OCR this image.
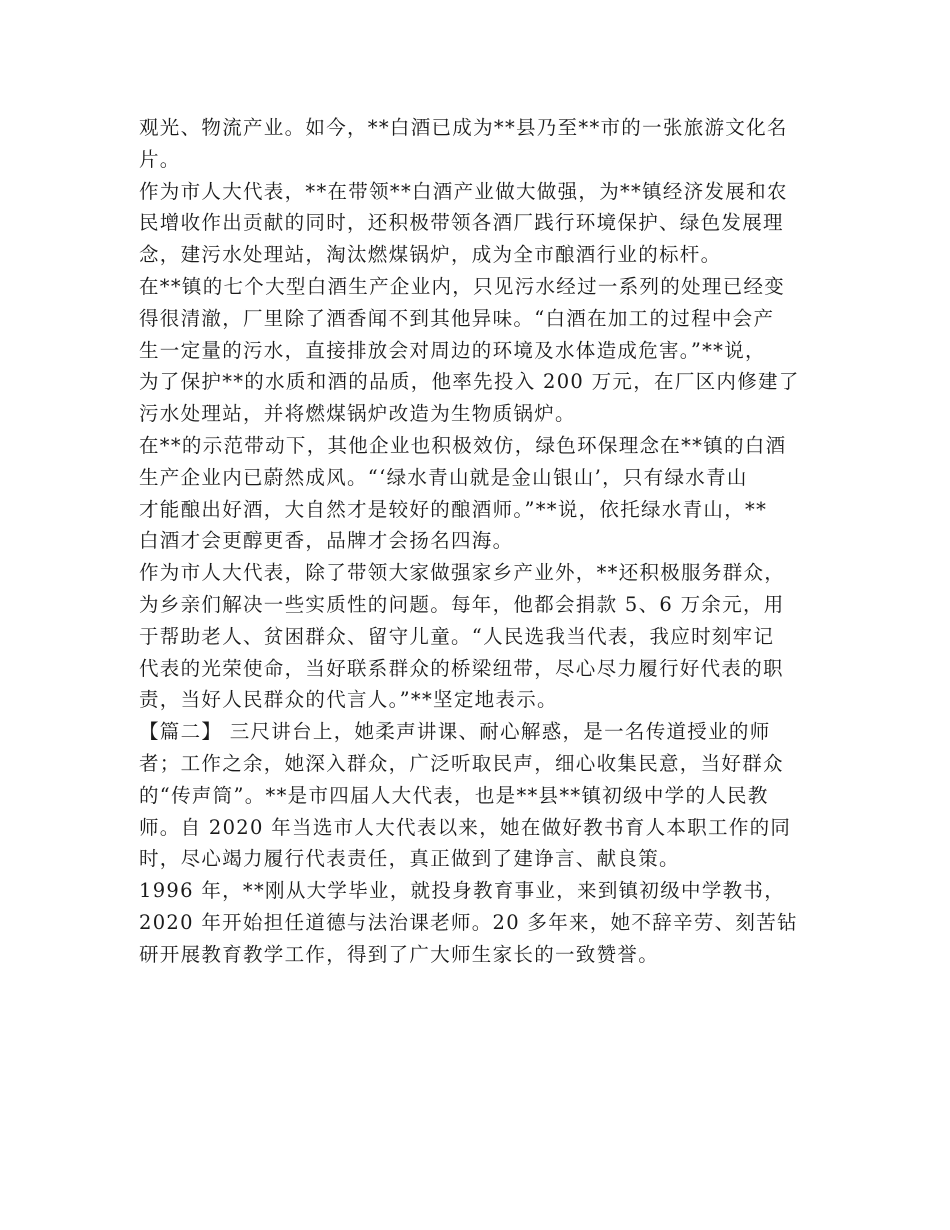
观光、物流产业。如今，**白酒已成为**县乃至**市的一张旅游文化名
片。
作为市人大代表，**在带领**白酒产业做大做强，为**镇经济发展和农
民增收作出贡献的同时，还积极带领各酒厂践行环境保护、绿色发展理
念，建污水处理站，淘汰燃煤锅炉，成为全市酿酒行业的标杆。
在**镇的七个大型白酒生产企业内，只见污水经过一系列的处理已经变
得很清澈，厂里除了酒香闻不到其他异味。“白酒在加工的过程中会产
生一定量的污水，直接排放会对周边的环境及水体造成危害。”**说，
为了保护**的水质和酒的品质，他率先投入 200 万元，在厂区内修建了
污水处理站，并将燃煤锅炉改造为生物质锅炉。
在**的示范带动下，其他企业也积极效仿，绿色环保理念在**镇的白酒
生产企业内已蔚然成风。“‘绿水青山就是金山银山’，只有绿水青山
才能酿出好酒，大自然才是较好的酿酒师。”**说，依托绿水青山，**
白酒才会更醇更香，品牌才会扬名四海。
作为市人大代表，除了带领大家做强家乡产业外，**还积极服务群众，
为乡亲们解决一些实质性的问题。每年，他都会捐款 5、6 万余元，用
于帮助老人、贫困群众、留守儿童。“人民选我当代表，我应时刻牢记
代表的光荣使命，当好联系群众的桥梁纽带，尽心尽力履行好代表的职
责，当好人民群众的代言人。”**坚定地表示。
【篇二】 三尺讲台上，她柔声讲课、耐心解惑，是一名传道授业的师
者；工作之余，她深入群众，广泛听取民声，细心收集民意，当好群众
的“传声筒”。**是市四届人大代表，也是**县**镇初级中学的人民教
师。自 2020 年当选市人大代表以来，她在做好教书育人本职工作的同
时，尽心竭力履行代表责任，真正做到了建诤言、献良策。
1996 年，**刚从大学毕业，就投身教育事业，来到镇初级中学教书，
2020 年开始担任道德与法治课老师。20 多年来，她不辞辛劳、刻苦钻
研开展教育教学工作，得到了广大师生家长的一致赞誉。
